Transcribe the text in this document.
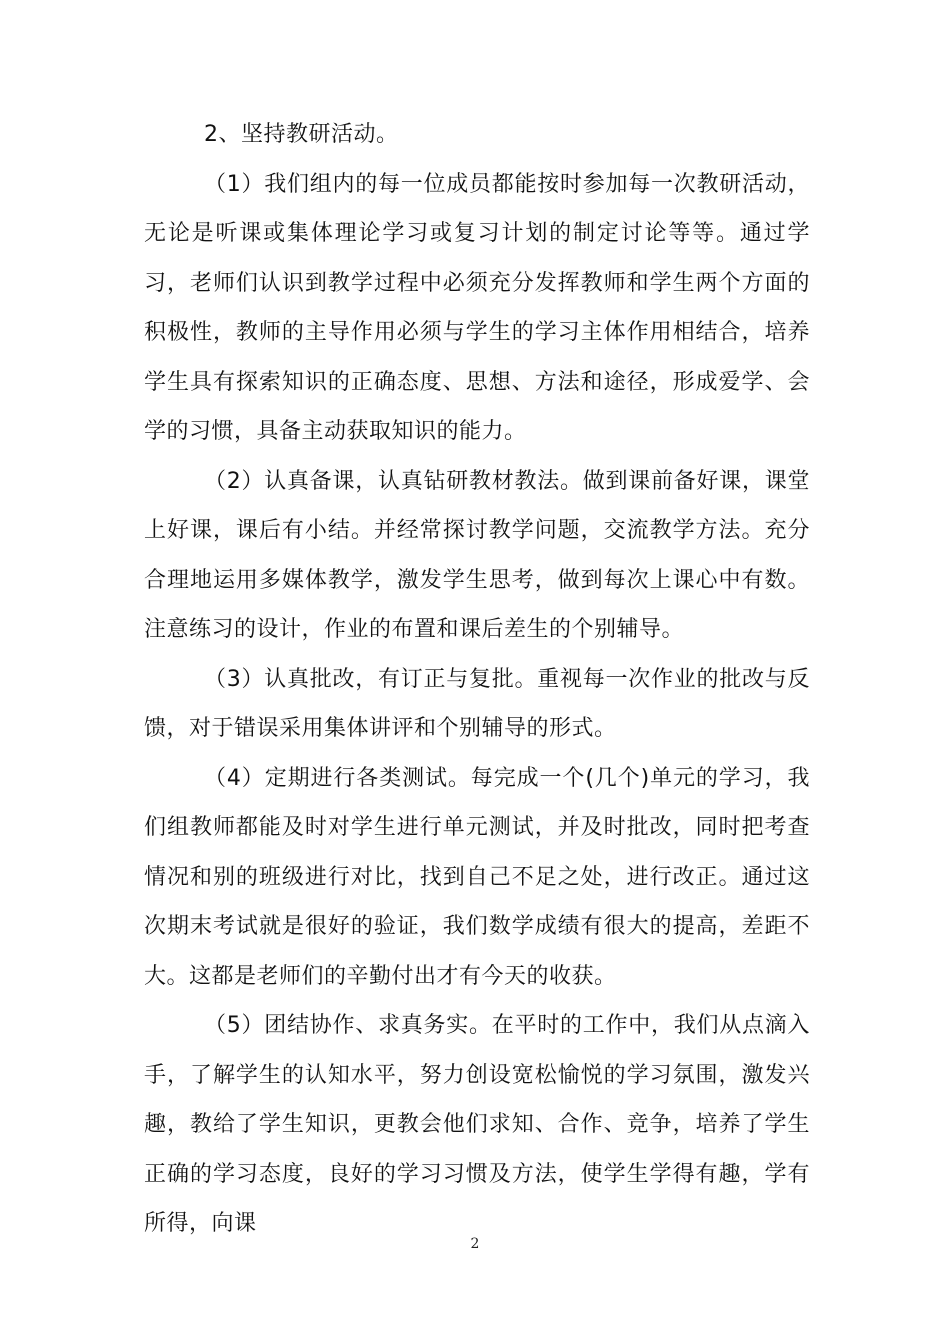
2、坚持教研活动。

（1）我们组内的每一位成员都能按时参加每一次教研活动，无论是听课或集体理论学习或复习计划的制定讨论等等。通过学习，老师们认识到教学过程中必须充分发挥教师和学生两个方面的积极性，教师的主导作用必须与学生的学习主体作用相结合，培养学生具有探索知识的正确态度、思想、方法和途径，形成爱学、会学的习惯，具备主动获取知识的能力。

（2）认真备课，认真钻研教材教法。做到课前备好课，课堂上好课，课后有小结。并经常探讨教学问题，交流教学方法。充分合理地运用多媒体教学，激发学生思考，做到每次上课心中有数。注意练习的设计，作业的布置和课后差生的个别辅导。

（3）认真批改，有订正与复批。重视每一次作业的批改与反馈，对于错误采用集体讲评和个别辅导的形式。

（4）定期进行各类测试。每完成一个(几个)单元的学习，我们组教师都能及时对学生进行单元测试，并及时批改，同时把考查情况和别的班级进行对比，找到自己不足之处，进行改正。通过这次期末考试就是很好的验证，我们数学成绩有很大的提高，差距不大。这都是老师们的辛勤付出才有今天的收获。

（5）团结协作、求真务实。在平时的工作中，我们从点滴入手，了解学生的认知水平，努力创设宽松愉悦的学习氛围，激发兴趣，教给了学生知识，更教会他们求知、合作、竞争，培养了学生正确的学习态度，良好的学习习惯及方法，使学生学得有趣，学有所得，向课

2
